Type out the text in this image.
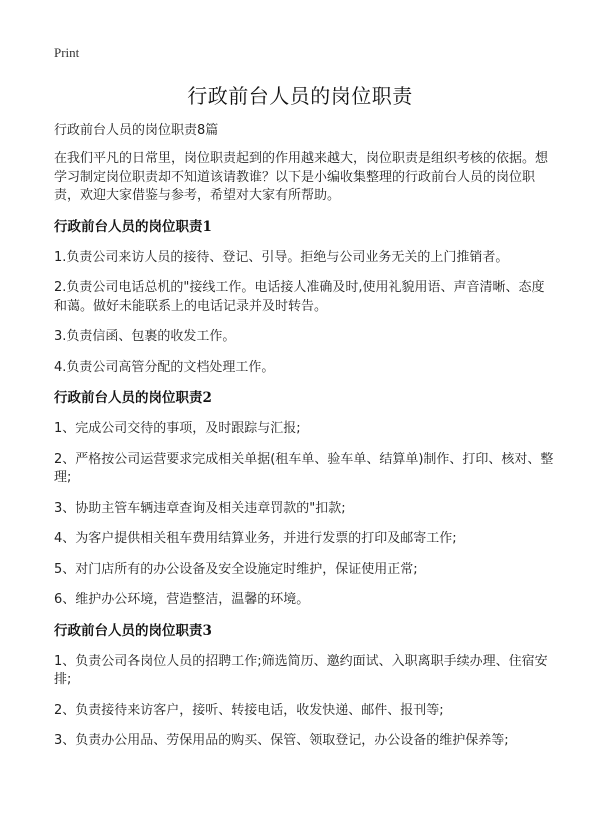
Print
行政前台人员的岗位职责
行政前台人员的岗位职责8篇

在我们平凡的日常里，岗位职责起到的作用越来越大，岗位职责是组织考核的依据。想学习制定岗位职责却不知道该请教谁？以下是小编收集整理的行政前台人员的岗位职责，欢迎大家借鉴与参考，希望对大家有所帮助。

行政前台人员的岗位职责1

1.负责公司来访人员的接待、登记、引导。拒绝与公司业务无关的上门推销者。

2.负责公司电话总机的"接线工作。电话接人准确及时,使用礼貌用语、声音清晰、态度和蔼。做好未能联系上的电话记录并及时转告。

3.负责信函、包裹的收发工作。

4.负责公司高管分配的文档处理工作。

行政前台人员的岗位职责2

1、完成公司交待的事项，及时跟踪与汇报;

2、严格按公司运营要求完成相关单据(租车单、验车单、结算单)制作、打印、核对、整理;

3、协助主管车辆违章查询及相关违章罚款的"扣款;

4、为客户提供相关租车费用结算业务，并进行发票的打印及邮寄工作;

5、对门店所有的办公设备及安全设施定时维护，保证使用正常;

6、维护办公环境，营造整洁，温馨的环境。

行政前台人员的岗位职责3

1、负责公司各岗位人员的招聘工作;筛选简历、邀约面试、入职离职手续办理、住宿安排;

2、负责接待来访客户，接听、转接电话，收发快递、邮件、报刊等;

3、负责办公用品、劳保用品的购买、保管、领取登记，办公设备的维护保养等;
